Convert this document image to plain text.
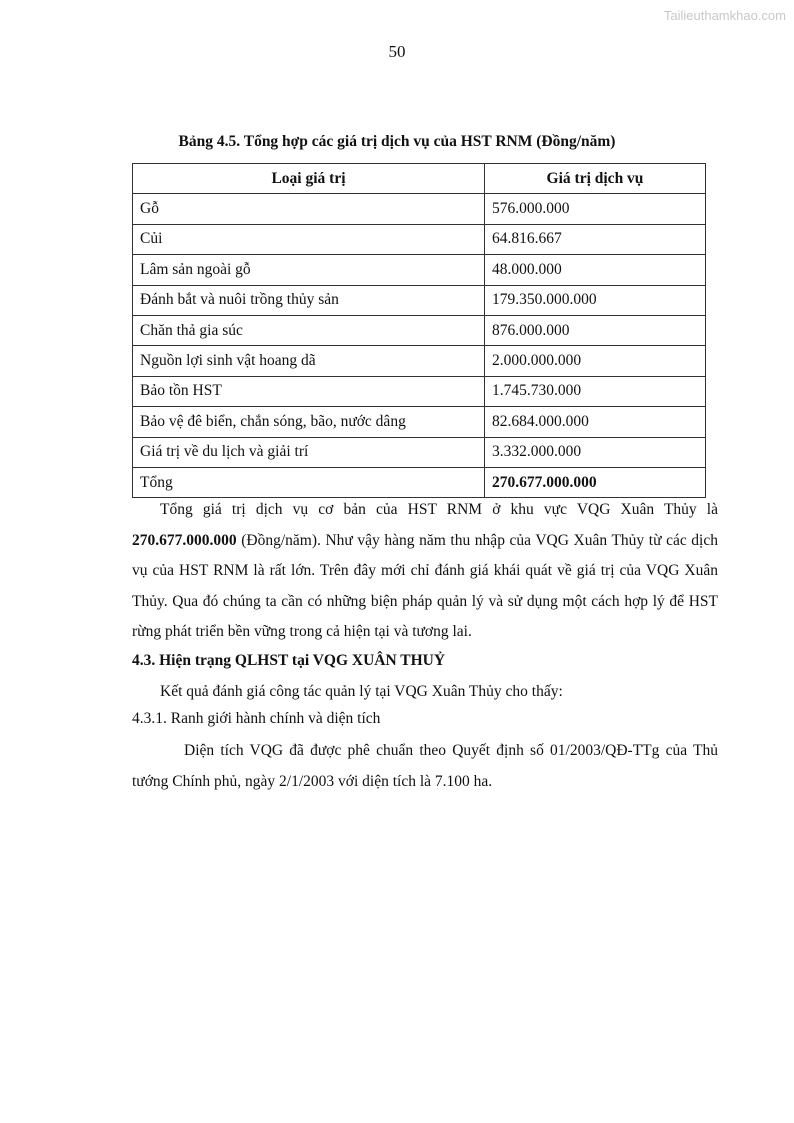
Tailieuthamkhao.com
50
Bảng 4.5. Tổng hợp các giá trị dịch vụ của HST RNM (Đồng/năm)
Loại giá trị	Giá trị dịch vụ
Gỗ	576.000.000
Củi	64.816.667
Lâm sản ngoài gỗ	48.000.000
Đánh bắt và nuôi trồng thủy sản	179.350.000.000
Chăn thả gia súc	876.000.000
Nguồn lợi sinh vật hoang dã	2.000.000.000
Bảo tồn HST	1.745.730.000
Bảo vệ đê biển, chắn sóng, bão, nước dâng	82.684.000.000
Giá trị về du lịch và giải trí	3.332.000.000
Tổng	270.677.000.000
Tổng giá trị dịch vụ cơ bản của HST RNM ở khu vực VQG Xuân Thủy là 270.677.000.000 (Đồng/năm). Như vậy hàng năm thu nhập của VQG Xuân Thủy từ các dịch vụ của HST RNM là rất lớn. Trên đây mới chỉ đánh giá khái quát về giá trị của VQG Xuân Thủy. Qua đó chúng ta cần có những biện pháp quản lý và sử dụng một cách hợp lý để HST rừng phát triển bền vững trong cả hiện tại và tương lai.
4.3. Hiện trạng QLHST tại VQG XUÂN THUỶ
Kết quả đánh giá công tác quản lý tại VQG Xuân Thủy cho thấy:
4.3.1. Ranh giới hành chính và diện tích
Diện tích VQG đã được phê chuẩn theo Quyết định số 01/2003/QĐ-TTg của Thủ tướng Chính phủ, ngày 2/1/2003 với diện tích là 7.100 ha.
